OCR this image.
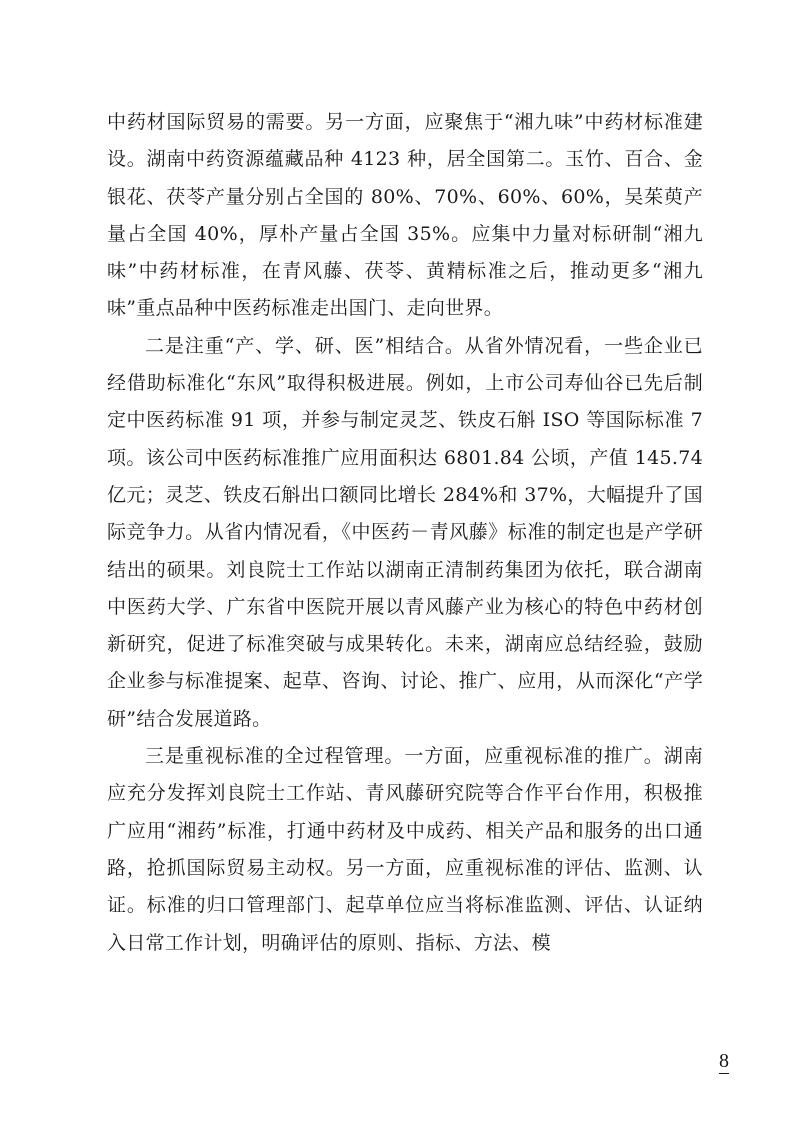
中药材国际贸易的需要。另一方面，应聚焦于“湘九味”中药材标准建设。湖南中药资源蕴藏品种 4123 种，居全国第二。玉竹、百合、金银花、茯苓产量分别占全国的 80%、70%、60%、60%，吴茱萸产量占全国 40%，厚朴产量占全国 35%。应集中力量对标研制“湘九味”中药材标准，在青风藤、茯苓、黄精标准之后，推动更多“湘九味”重点品种中医药标准走出国门、走向世界。

二是注重“产、学、研、医”相结合。从省外情况看，一些企业已经借助标准化“东风”取得积极进展。例如，上市公司寿仙谷已先后制定中医药标准 91 项，并参与制定灵芝、铁皮石斛 ISO 等国际标准 7 项。该公司中医药标准推广应用面积达 6801.84 公顷，产值 145.74 亿元；灵芝、铁皮石斛出口额同比增长 284%和 37%，大幅提升了国际竞争力。从省内情况看，《中医药－青风藤》标准的制定也是产学研结出的硕果。刘良院士工作站以湖南正清制药集团为依托，联合湖南中医药大学、广东省中医院开展以青风藤产业为核心的特色中药材创新研究，促进了标准突破与成果转化。未来，湖南应总结经验，鼓励企业参与标准提案、起草、咨询、讨论、推广、应用，从而深化“产学研”结合发展道路。

三是重视标准的全过程管理。一方面，应重视标准的推广。湖南应充分发挥刘良院士工作站、青风藤研究院等合作平台作用，积极推广应用“湘药”标准，打通中药材及中成药、相关产品和服务的出口通路，抢抓国际贸易主动权。另一方面，应重视标准的评估、监测、认证。标准的归口管理部门、起草单位应当将标准监测、评估、认证纳入日常工作计划，明确评估的原则、指标、方法、模

8
